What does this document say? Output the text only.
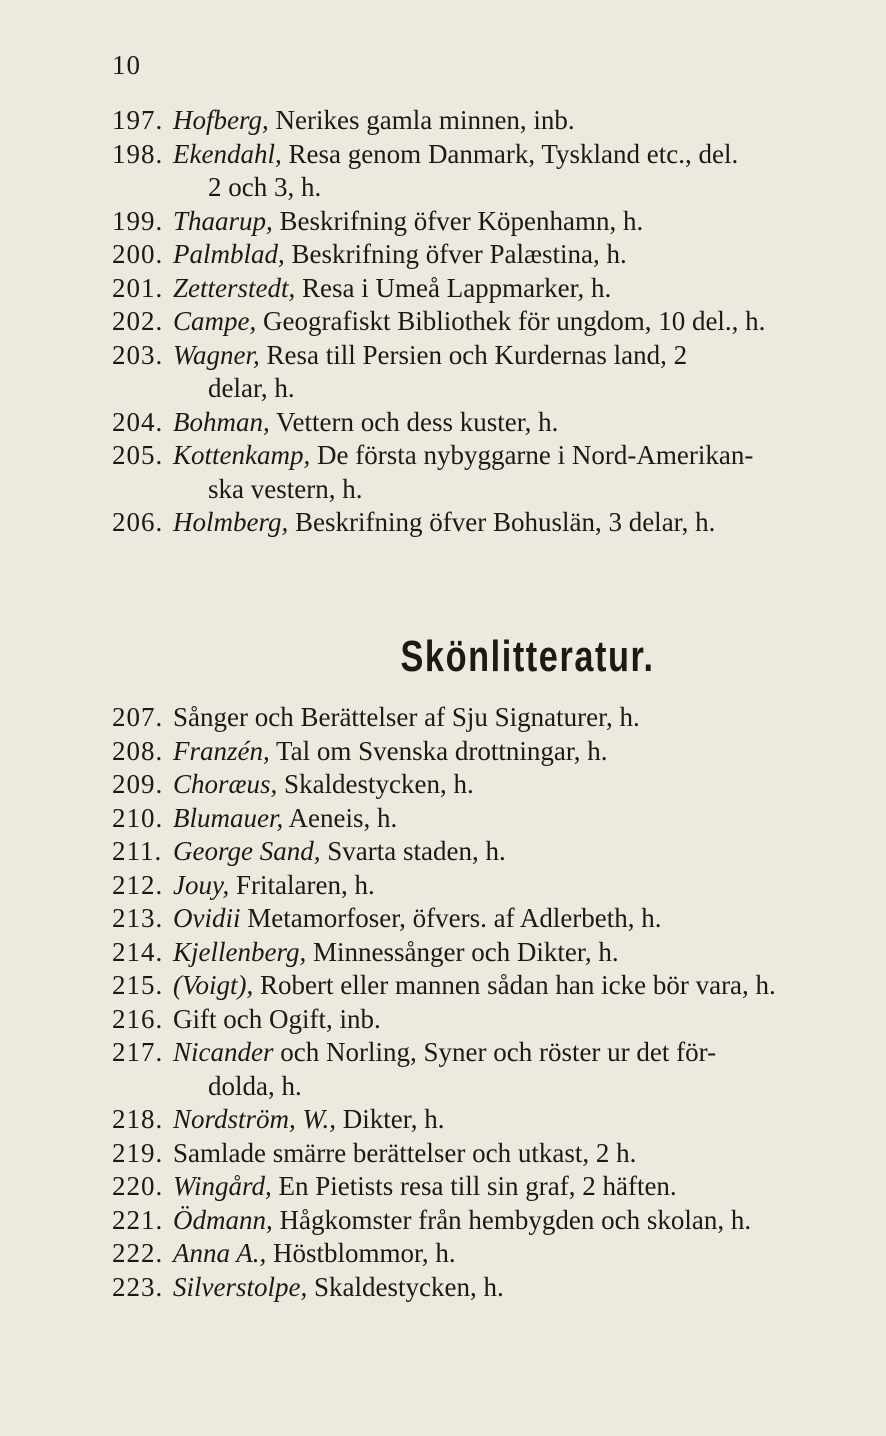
10
197. Hofberg, Nerikes gamla minnen, inb.
198. Ekendahl, Resa genom Danmark, Tyskland etc., del.
2 och 3, h.
199. Thaarup, Beskrifning öfver Köpenhamn, h.
200. Palmblad, Beskrifning öfver Palæstina, h.
201. Zetterstedt, Resa i Umeå Lappmarker, h.
202. Campe, Geografiskt Bibliothek för ungdom, 10 del., h.
203. Wagner, Resa till Persien och Kurdernas land, 2
delar, h.
204. Bohman, Vettern och dess kuster, h.
205. Kottenkamp, De första nybyggarne i Nord-Amerikan-
ska vestern, h.
206. Holmberg, Beskrifning öfver Bohuslän, 3 delar, h.
Skönlitteratur.
207. Sånger och Berättelser af Sju Signaturer, h.
208. Franzén, Tal om Svenska drottningar, h.
209. Choræus, Skaldestycken, h.
210. Blumauer, Aeneis, h.
211. George Sand, Svarta staden, h.
212. Jouy, Fritalaren, h.
213. Ovidii Metamorfoser, öfvers. af Adlerbeth, h.
214. Kjellenberg, Minnessånger och Dikter, h.
215. (Voigt), Robert eller mannen sådan han icke bör vara, h.
216. Gift och Ogift, inb.
217. Nicander och Norling, Syner och röster ur det för-
dolda, h.
218. Nordström, W., Dikter, h.
219. Samlade smärre berättelser och utkast, 2 h.
220. Wingård, En Pietists resa till sin graf, 2 häften.
221. Ödmann, Hågkomster från hembygden och skolan, h.
222. Anna A., Höstblommor, h.
223. Silverstolpe, Skaldestycken, h.
